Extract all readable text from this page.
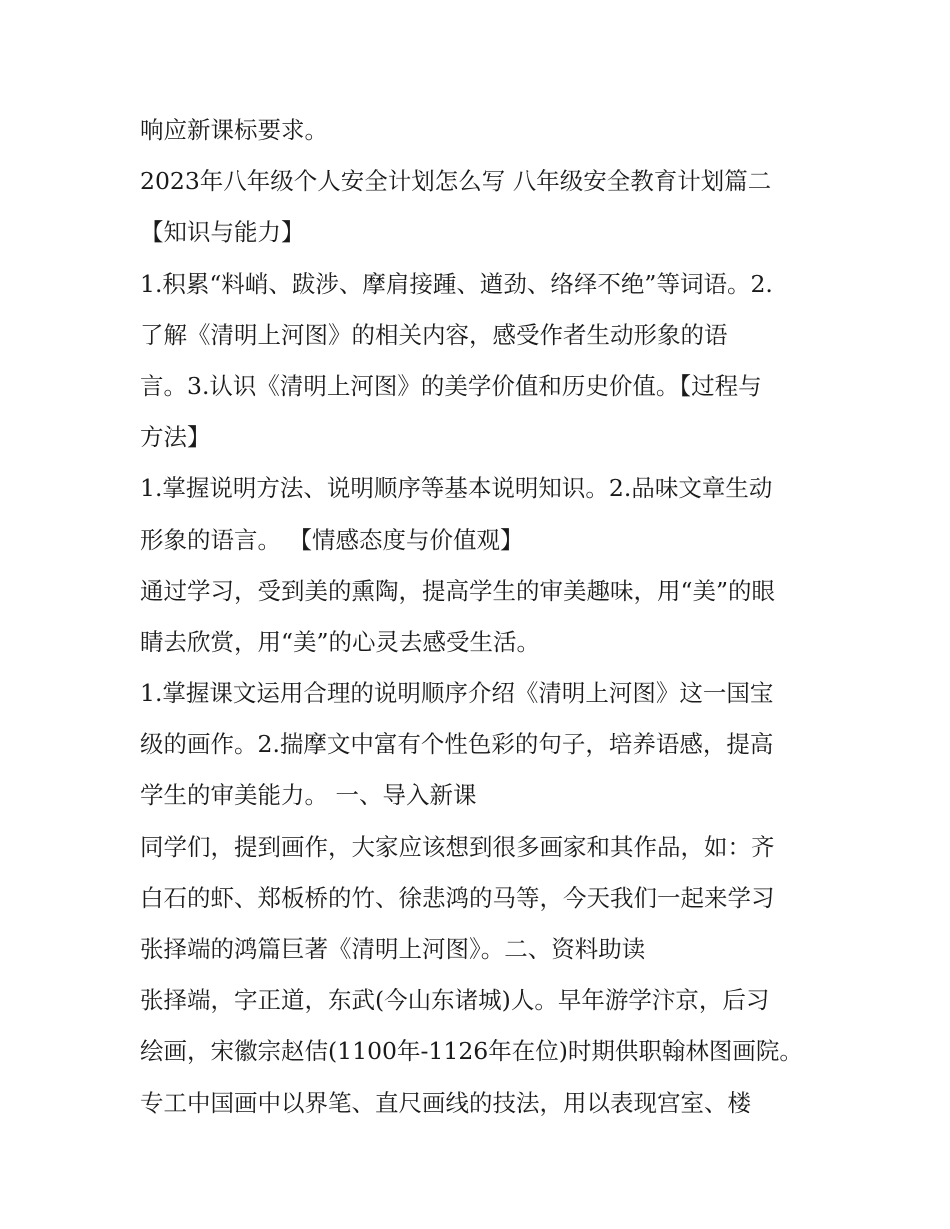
响应新课标要求。
2023年八年级个人安全计划怎么写 八年级安全教育计划篇二
【知识与能力】
1.积累“料峭、跋涉、摩肩接踵、遒劲、络绎不绝”等词语。2.
了解《清明上河图》的相关内容，感受作者生动形象的语
言。3.认识《清明上河图》的美学价值和历史价值。【过程与
方法】
1.掌握说明方法、说明顺序等基本说明知识。2.品味文章生动
形象的语言。 【情感态度与价值观】
通过学习，受到美的熏陶，提高学生的审美趣味，用“美”的眼
睛去欣赏，用“美”的心灵去感受生活。
1.掌握课文运用合理的说明顺序介绍《清明上河图》这一国宝
级的画作。2.揣摩文中富有个性色彩的句子，培养语感，提高
学生的审美能力。 一、导入新课
同学们，提到画作，大家应该想到很多画家和其作品，如：齐
白石的虾、郑板桥的竹、徐悲鸿的马等，今天我们一起来学习
张择端的鸿篇巨著《清明上河图》。二、资料助读
张择端，字正道，东武(今山东诸城)人。早年游学汴京，后习
绘画，宋徽宗赵佶(1100年-1126年在位)时期供职翰林图画院。
专工中国画中以界笔、直尺画线的技法，用以表现宫室、楼
